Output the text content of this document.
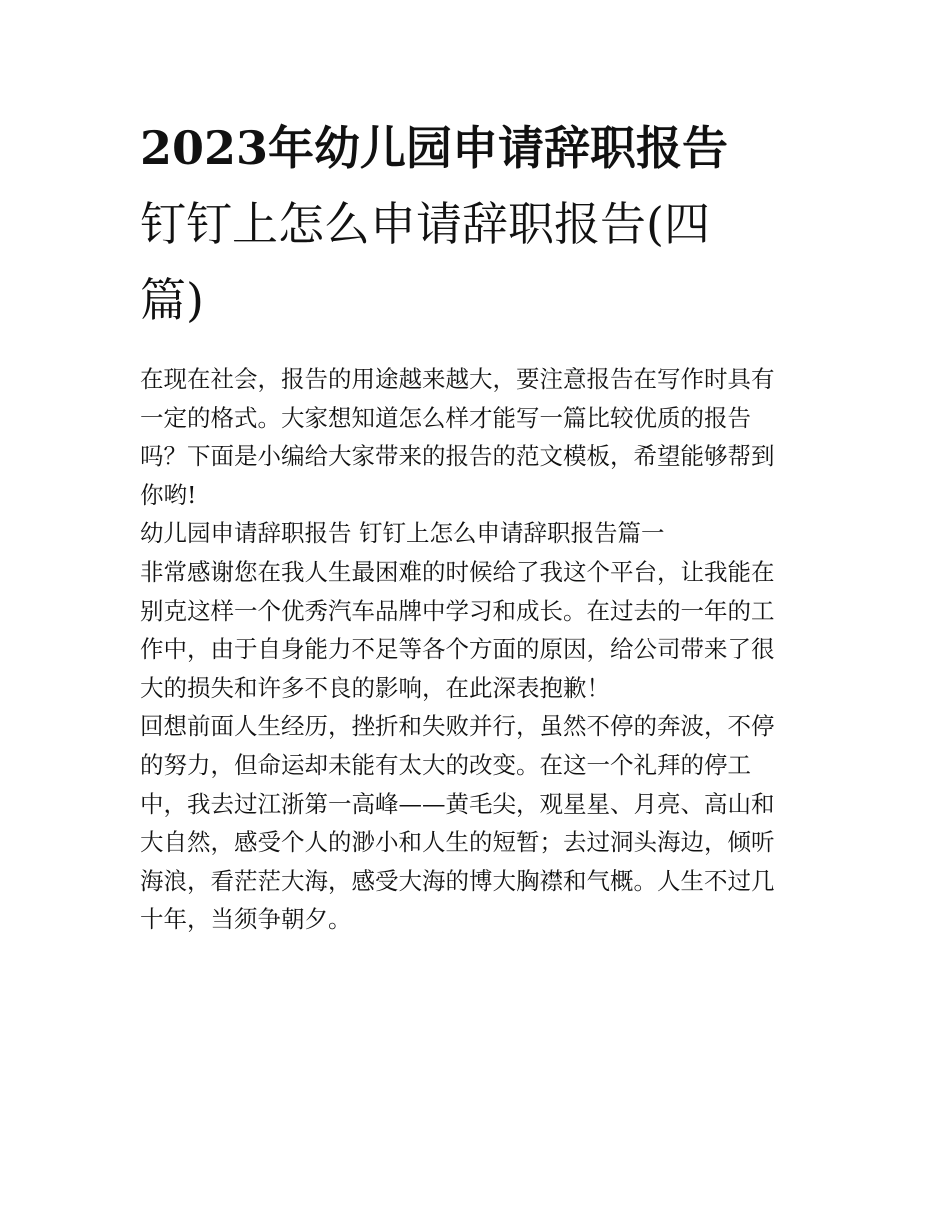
2023年幼儿园申请辞职报告
钉钉上怎么申请辞职报告(四
篇)

在现在社会，报告的用途越来越大，要注意报告在写作时具有
一定的格式。大家想知道怎么样才能写一篇比较优质的报告
吗？下面是小编给大家带来的报告的范文模板，希望能够帮到
你哟!

幼儿园申请辞职报告 钉钉上怎么申请辞职报告篇一

非常感谢您在我人生最困难的时候给了我这个平台，让我能在
别克这样一个优秀汽车品牌中学习和成长。在过去的一年的工
作中，由于自身能力不足等各个方面的原因，给公司带来了很
大的损失和许多不良的影响，在此深表抱歉！

回想前面人生经历，挫折和失败并行，虽然不停的奔波，不停
的努力，但命运却未能有太大的改变。在这一个礼拜的停工
中，我去过江浙第一高峰——黄毛尖，观星星、月亮、高山和
大自然，感受个人的渺小和人生的短暂；去过洞头海边，倾听
海浪，看茫茫大海，感受大海的博大胸襟和气概。人生不过几
十年，当须争朝夕。
